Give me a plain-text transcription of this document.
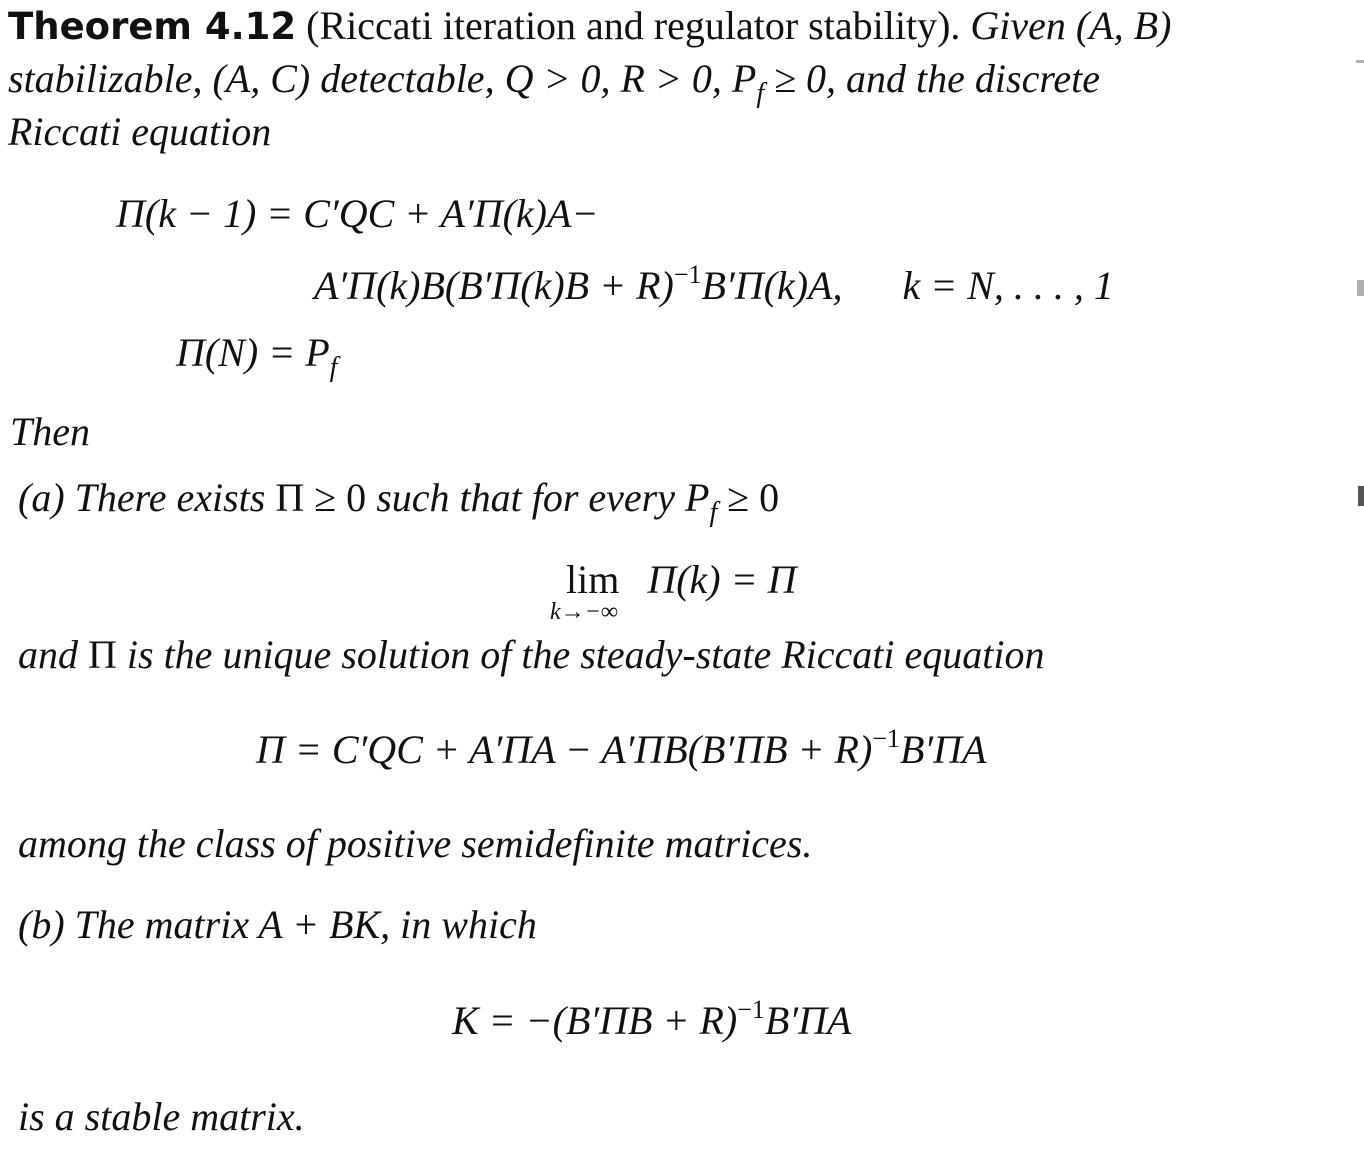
Theorem 4.12 (Riccati iteration and regulator stability). Given (A, B)
stabilizable, (A, C) detectable, Q > 0, R > 0, $P_f \ge 0$, and the discrete
Riccati equation
Π(k − 1) = C′QC + A′Π(k)A−
$A'\Pi(k)B(B'\Pi(k)B + R)^{-1}B'\Pi(k)A$, k = N, . . . , 1
$\Pi(N) = P_f$
Then
(a) There exists Π ≥ 0 such that for every $P_f \ge 0$
lim
k→−∞
Π(k) = Π
and Π is the unique solution of the steady-state Riccati equation
$\Pi = C'QC + A'\Pi A - A'\Pi B(B'\Pi B + R)^{-1}B'\Pi A$
among the class of positive semidefinite matrices.
(b) The matrix A + BK, in which
$K = -(B'\Pi B + R)^{-1}B'\Pi A$
is a stable matrix.
